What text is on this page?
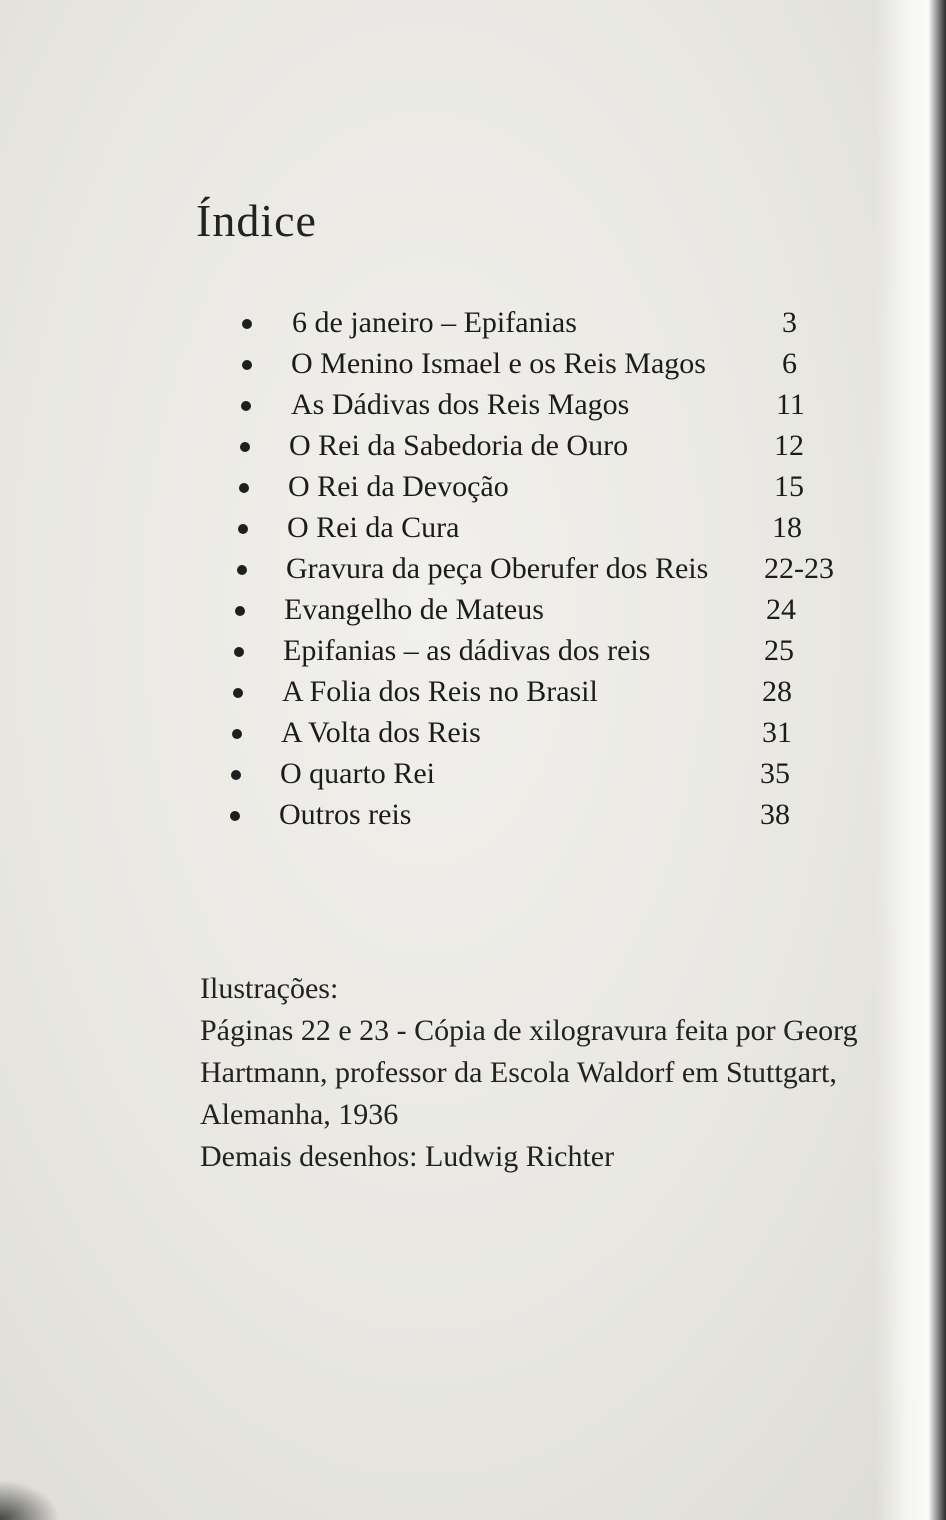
Índice
6 de janeiro – Epifanias	3
O Menino Ismael e os Reis Magos	6
As Dádivas dos Reis Magos	11
O Rei da Sabedoria de Ouro	12
O Rei da Devoção	15
O Rei da Cura	18
Gravura da peça Oberufer dos Reis 22-23
Evangelho de Mateus	24
Epifanias – as dádivas dos reis	25
A Folia dos Reis no Brasil	28
A Volta dos Reis	31
O quarto Rei	35
Outros reis	38
Ilustrações:
Páginas 22 e 23 - Cópia de xilogravura feita por Georg
Hartmann, professor da Escola Waldorf em Stuttgart,
Alemanha, 1936
Demais desenhos: Ludwig Richter
